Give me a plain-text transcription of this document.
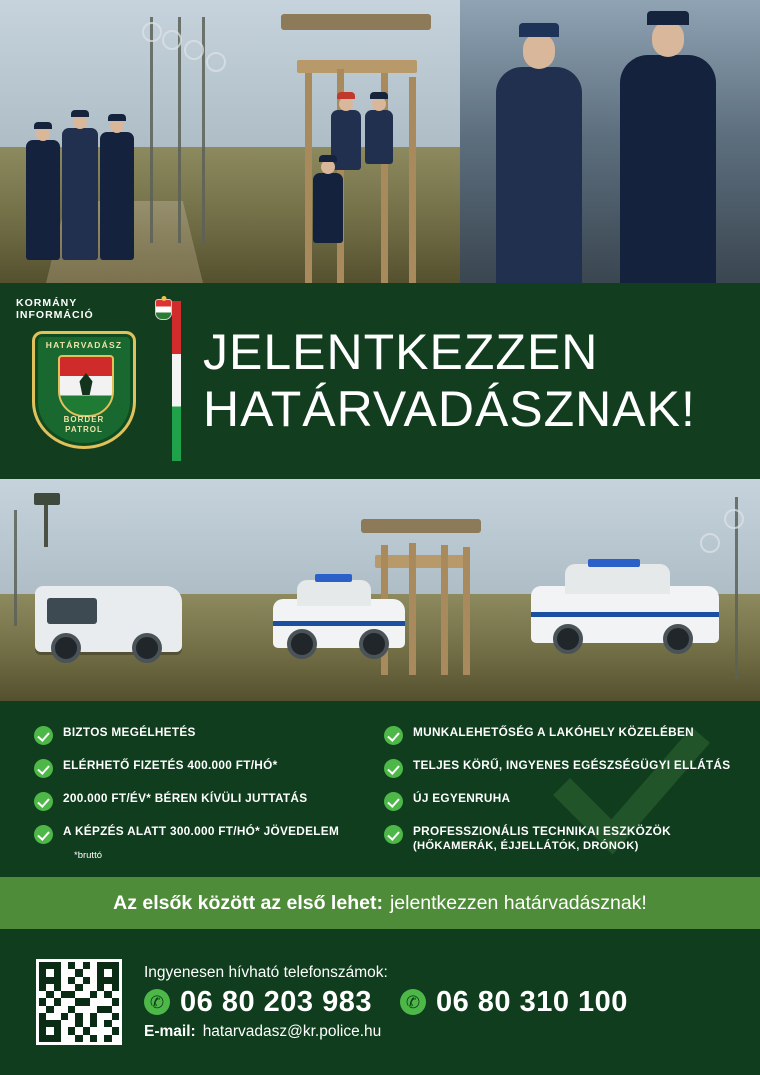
KORMÁNY INFORMÁCIÓ
HATÁRVADÁSZ
BORDER
PATROL
JELENTKEZZEN
HATÁRVADÁSZNAK!
BIZTOS MEGÉLHETÉS	MUNKALEHETŐSÉG A LAKÓHELY KÖZELÉBEN
ELÉRHETŐ FIZETÉS 400.000 FT/HÓ*	TELJES KÖRŰ, INGYENES EGÉSZSÉGÜGYI ELLÁTÁS
200.000 FT/ÉV* BÉREN KÍVÜLI JUTTATÁS	ÚJ EGYENRUHA
A KÉPZÉS ALATT 300.000 FT/HÓ* JÖVEDELEM	PROFESSZIONÁLIS TECHNIKAI ESZKÖZÖK
(HŐKAMERÁK, ÉJJELLÁTÓK, DRÓNOK)
*bruttó
Az elsők között az első lehet: jelentkezzen határvadásznak!
Ingyenesen hívható telefonszámok:
✆
06 80 203 983 ✆ 06 80 310 100
E-mail: hatarvadasz@kr.police.hu
